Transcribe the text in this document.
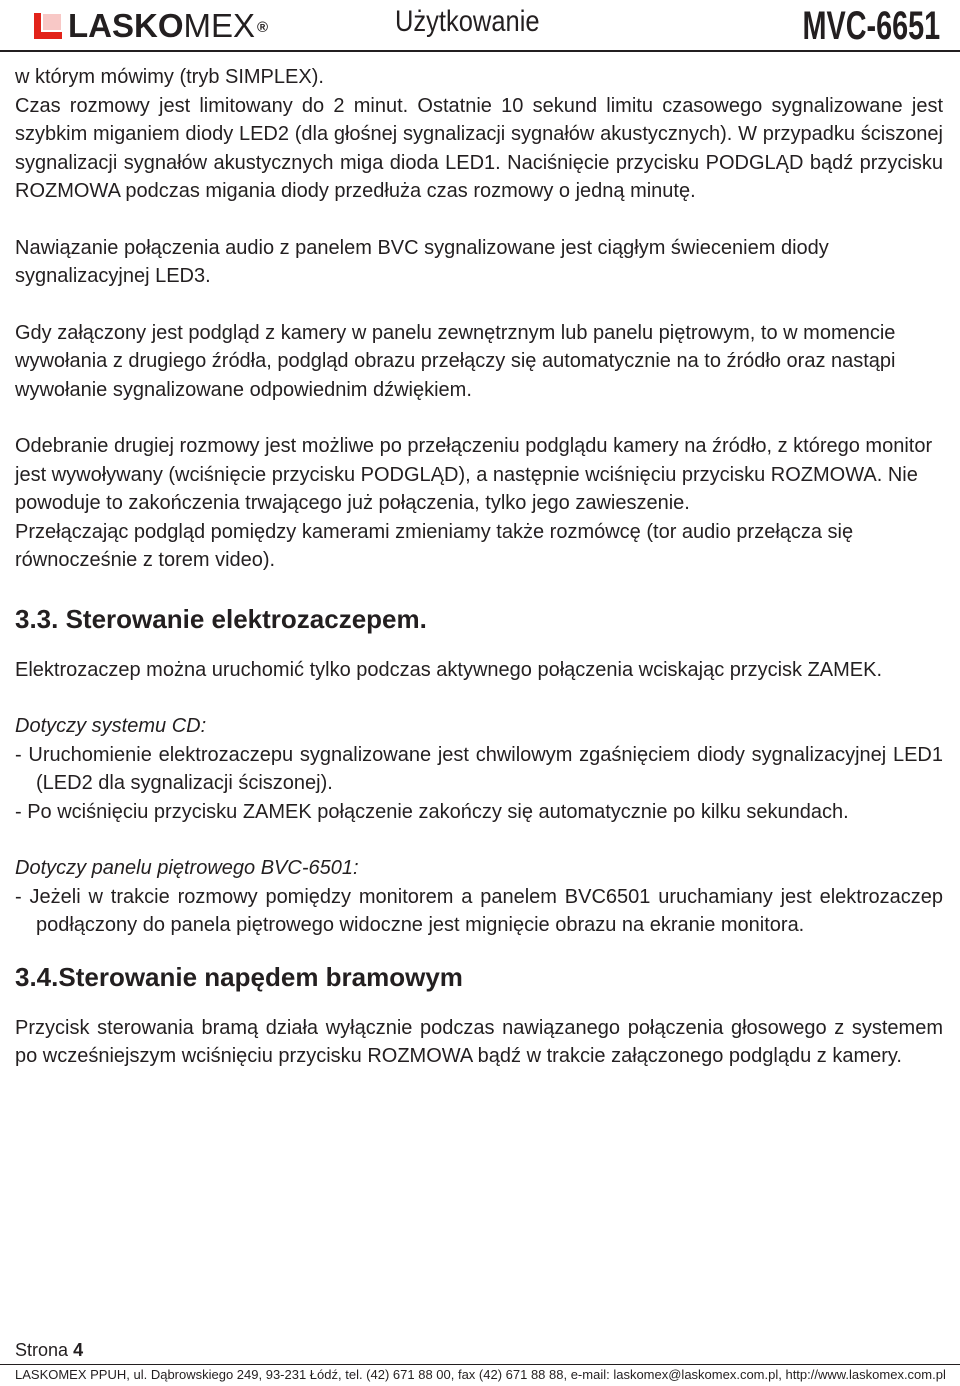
LASKOMEX ®	Użytkowanie	MVC-6651

w którym mówimy (tryb SIMPLEX).

Czas rozmowy jest limitowany do 2 minut. Ostatnie 10 sekund limitu czasowego sygnalizowane jest szybkim miganiem diody LED2 (dla głośnej sygnalizacji sygnałów akustycznych). W przypadku ściszonej sygnalizacji sygnałów akustycznych miga dioda LED1. Naciśnięcie przycisku PODGLĄD bądź przycisku ROZMOWA podczas migania diody przedłuża czas rozmowy o jedną minutę.

Nawiązanie połączenia audio z panelem BVC sygnalizowane jest ciągłym świeceniem diody sygnalizacyjnej LED3.

Gdy załączony jest podgląd z kamery w panelu zewnętrznym lub panelu piętrowym, to w momencie wywołania z drugiego źródła, podgląd obrazu przełączy się automatycznie na to źródło oraz nastąpi wywołanie sygnalizowane odpowiednim dźwiękiem.

Odebranie drugiej rozmowy jest możliwe po przełączeniu podglądu kamery na źródło, z którego monitor jest wywoływany (wciśnięcie przycisku PODGLĄD), a następnie wciśnięciu przycisku ROZMOWA. Nie powoduje to zakończenia trwającego już połączenia, tylko jego zawieszenie.

Przełączając podgląd pomiędzy kamerami zmieniamy także rozmówcę (tor audio przełącza się równocześnie z torem video).

3.3. Sterowanie elektrozaczepem.

Elektrozaczep można uruchomić tylko podczas aktywnego połączenia wciskając przycisk ZAMEK.

Dotyczy systemu CD:

- Uruchomienie elektrozaczepu sygnalizowane jest chwilowym zgaśnięciem diody sygnalizacyjnej LED1 (LED2 dla sygnalizacji ściszonej).

- Po wciśnięciu przycisku ZAMEK połączenie zakończy się automatycznie po kilku sekundach.

Dotyczy panelu piętrowego BVC-6501:

- Jeżeli w trakcie rozmowy pomiędzy monitorem a panelem BVC6501 uruchamiany jest elektrozaczep podłączony do panela piętrowego widoczne jest mignięcie obrazu na ekranie monitora.

3.4.Sterowanie napędem bramowym

Przycisk sterowania bramą działa wyłącznie podczas nawiązanego połączenia głosowego z systemem po wcześniejszym wciśnięciu przycisku ROZMOWA bądź w trakcie załączonego podglądu z kamery.

Strona 4
LASKOMEX PPUH, ul. Dąbrowskiego 249, 93-231 Łódź, tel. (42) 671 88 00, fax (42) 671 88 88, e-mail: laskomex@laskomex.com.pl, http://www.laskomex.com.pl
